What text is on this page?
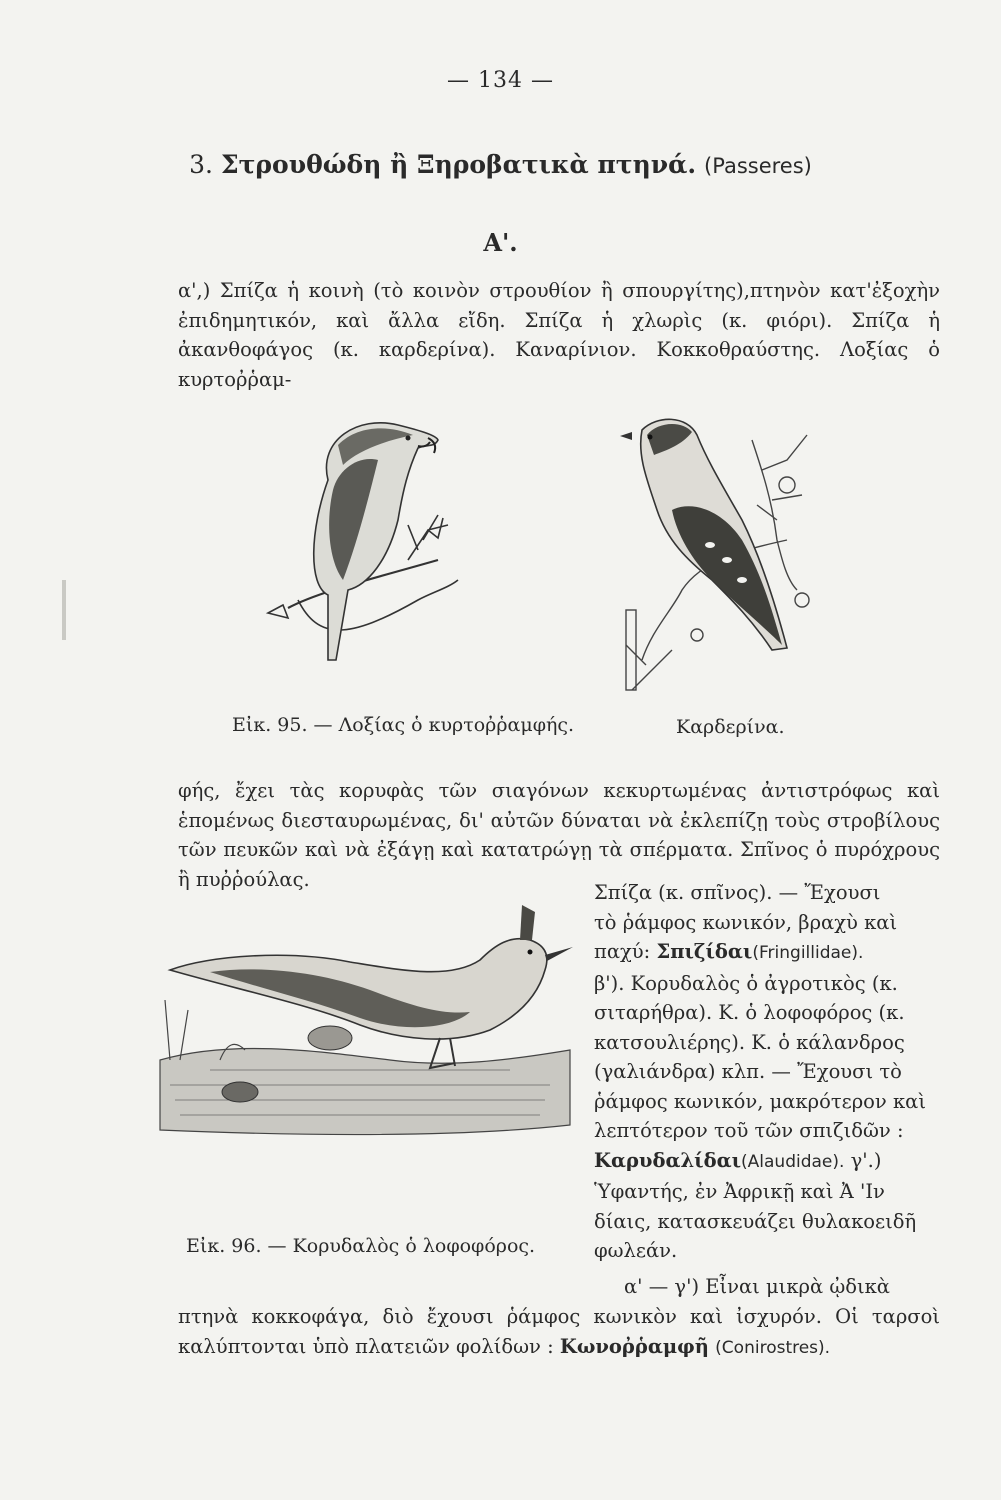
— 134 —
3. Στρουθώδη ἢ Ξηροβατικὰ πτηνά. (Passeres)
Α'.
α',) Σπίζα ἡ κοινὴ (τὸ κοινὸν στρουθίον ἢ σπουργίτης),πτηνὸν κατ'ἐξοχὴν ἐπιδημητικόν, καὶ ἄλλα εἴδη. Σπίζα ἡ χλωρὶς (κ. φιόρι). Σπίζα ἡ ἀκανθοφάγος (κ. καρδερίνα). Καναρίνιον. Κοκκοθραύστης. Λοξίας ὁ κυρτοῤῥαμ-
Εἰκ. 95. — Λοξίας ὁ κυρτοῤῥαμφής.	Καρδερίνα.
φής, ἔχει τὰς κορυφὰς τῶν σιαγόνων κεκυρτωμένας ἀντιστρόφως καὶ ἑπομένως διεσταυρωμένας, δι' αὐτῶν δύναται νὰ ἐκλεπίζῃ τοὺς στροβίλους τῶν πευκῶν καὶ νὰ ἐξάγῃ καὶ κατατρώγῃ τὰ σπέρματα. Σπῖνος ὁ πυρόχρους ἢ πυῤῥούλας.
Σπίζα (κ. σπῖνος). — Ἔχουσι
τὸ ῥάμφος κωνικόν, βραχὺ καὶ
παχύ: Σπιζίδαι(Fringillidae).
β'). Κορυδαλὸς ὁ ἀγροτικὸς (κ.
σιταρήθρα). Κ. ὁ λοφοφόρος (κ.
κατσουλιέρης). Κ. ὁ κάλανδρος
(γαλιάνδρα) κλπ. — Ἔχουσι τὸ
ῥάμφος κωνικόν, μακρότερον καὶ
λεπτότερον τοῦ τῶν σπιζιδῶν :
Καρυδαλίδαι(Alaudidae). γ'.)
Ὑφαντής, ἐν Ἀφρικῇ καὶ Ἀ 'Ιν
δίαις, κατασκευάζει θυλακοειδῆ
φωλεάν.
Εἰκ. 96. — Κορυδαλὸς ὁ λοφοφόρος.
α' — γ') Εἶναι μικρὰ ᾠδικὰ
πτηνὰ κοκκοφάγα, διὸ ἔχουσι ῥάμφος κωνικὸν καὶ ἰσχυρόν. Οἱ ταρσοὶ καλύπτονται ὑπὸ πλατειῶν φολίδων : Κωνοῤῥαμφῆ (Conirostres).
